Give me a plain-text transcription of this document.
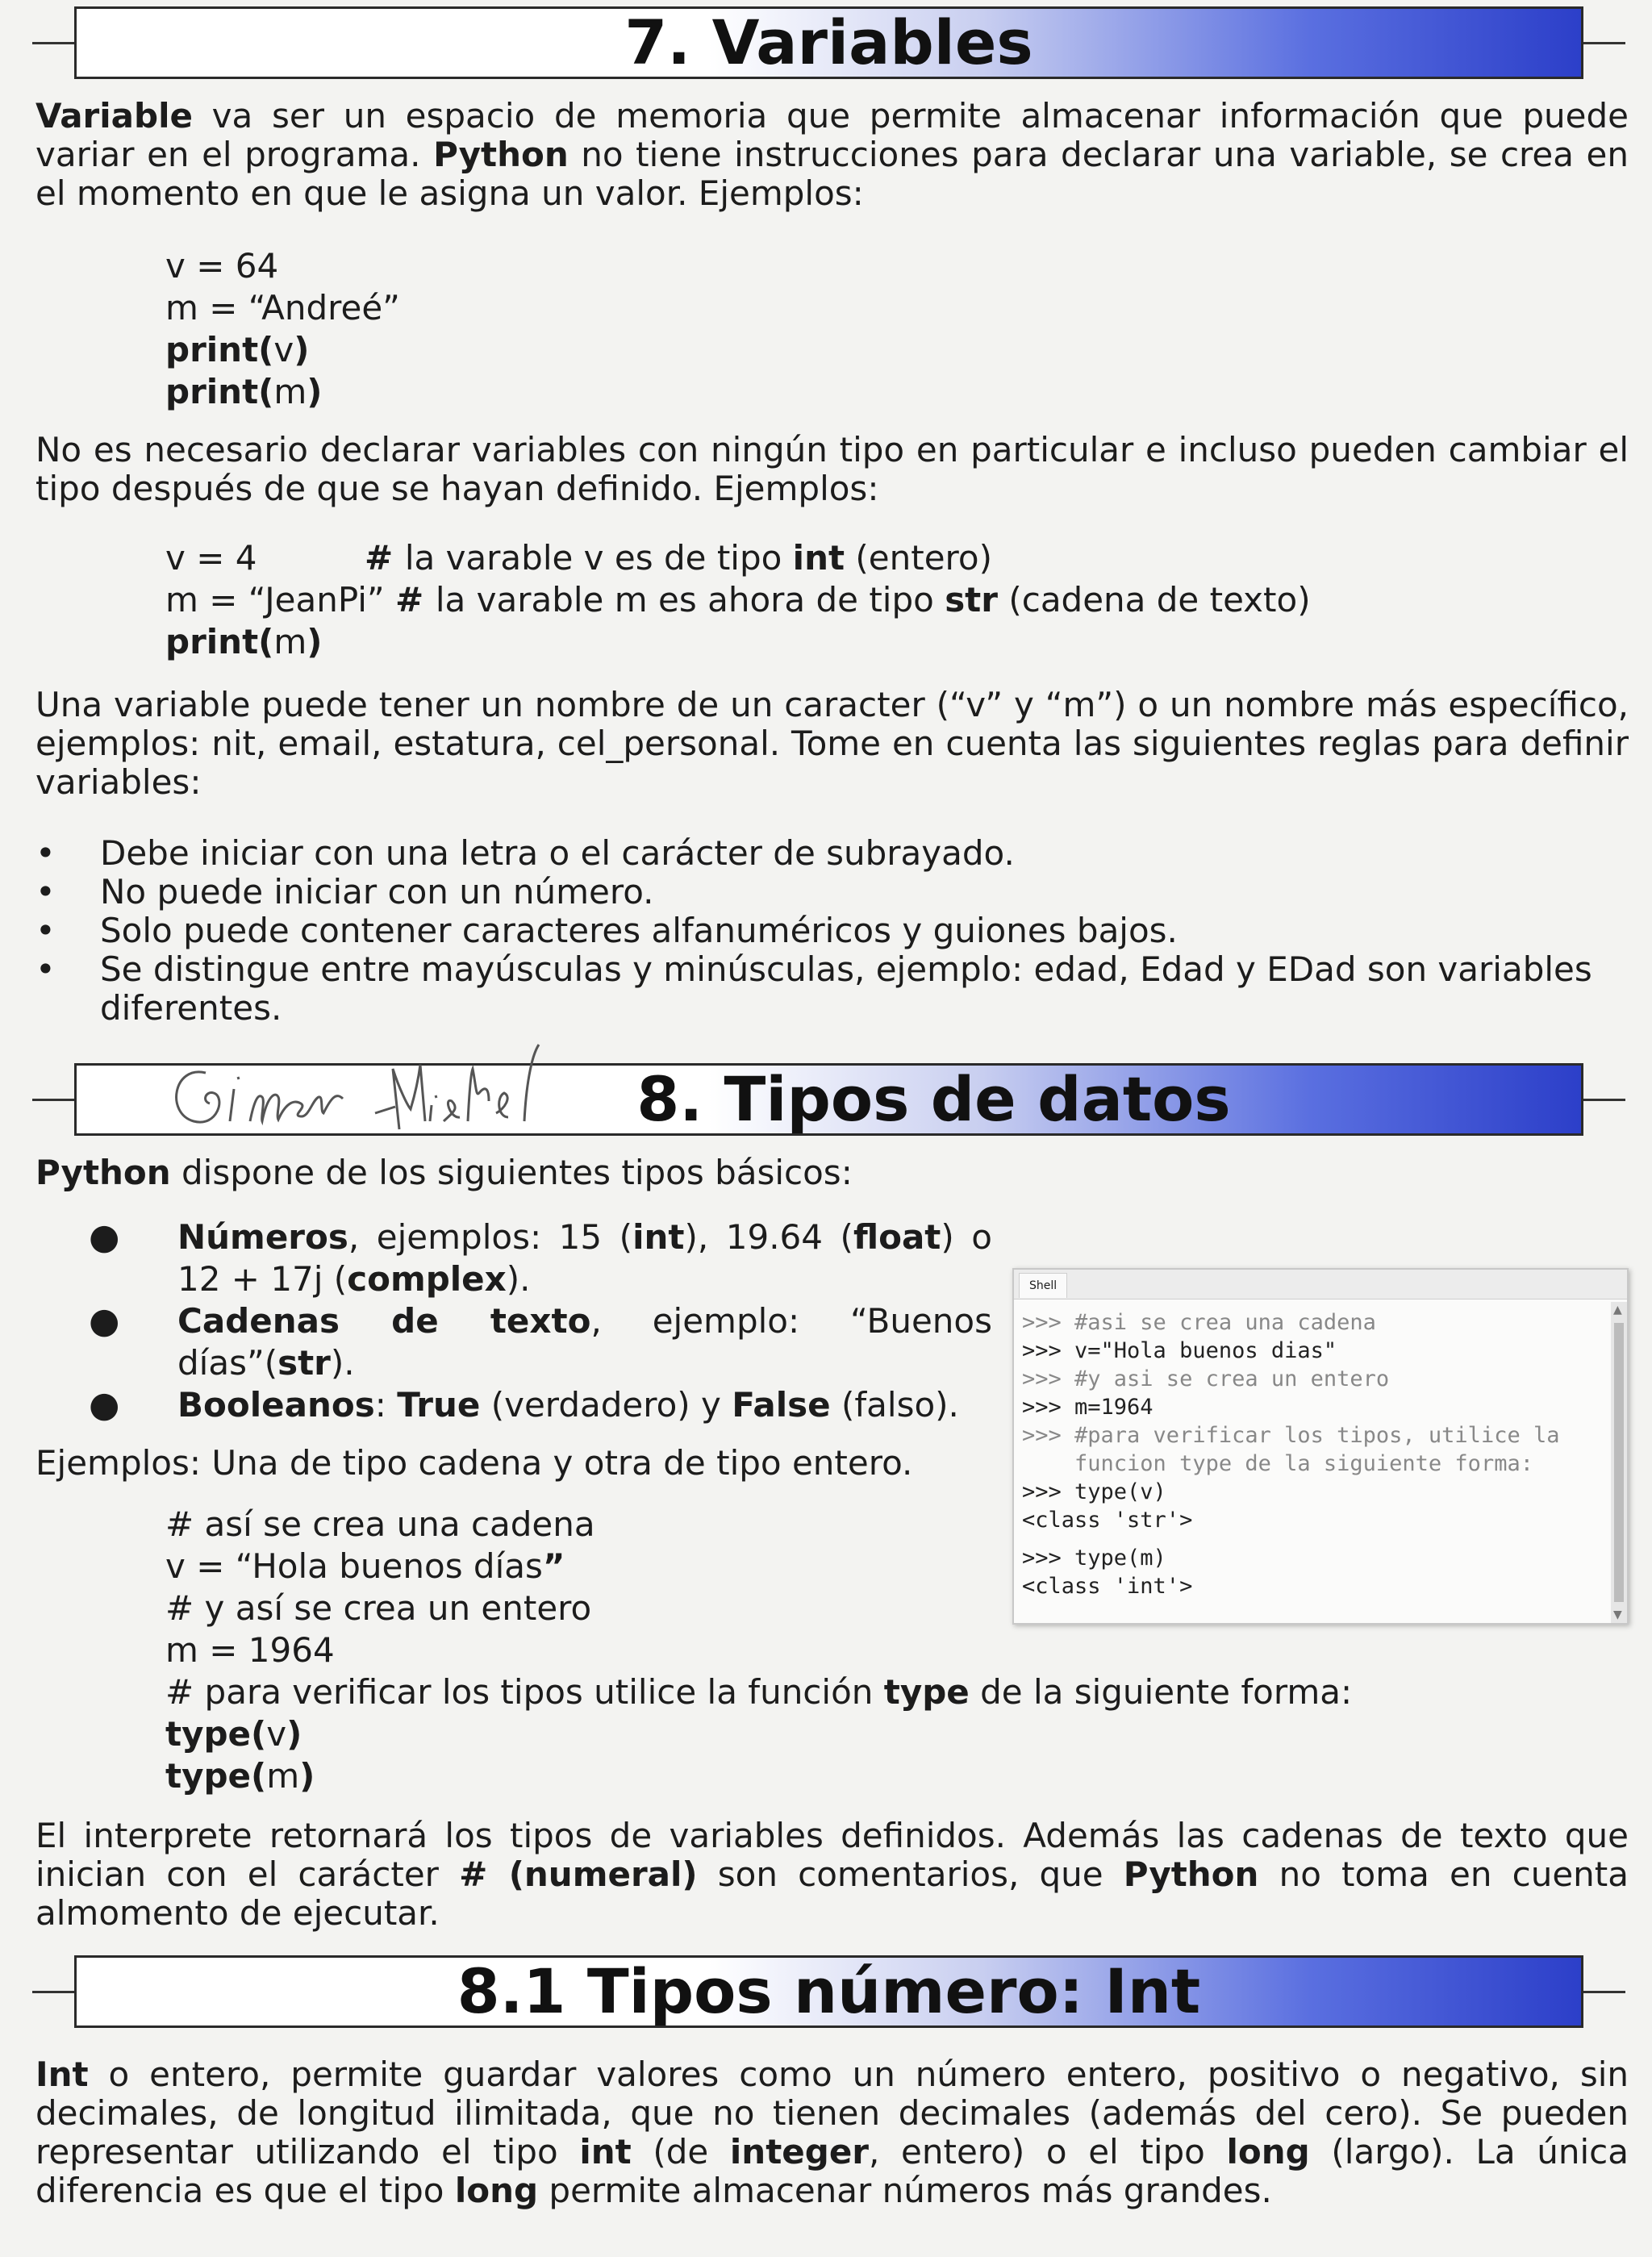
7. Variables

Variable va ser un espacio de memoria que permite almacenar información que puede variar en el programa. Python no tiene instrucciones para declarar una variable, se crea en el momento en que le asigna un valor. Ejemplos:

v = 64
m = “Andreé”
print(v)
print(m)

No es necesario declarar variables con ningún tipo en particular e incluso pueden cambiar el tipo después de que se hayan definido. Ejemplos:

v = 4          # la varable v es de tipo int (entero)
m = “JeanPi” # la varable m es ahora de tipo str (cadena de texto)
print(m)

Una variable puede tener un nombre de un caracter (“v” y “m”) o un nombre más específico, ejemplos: nit, email, estatura, cel_personal. Tome en cuenta las siguientes reglas para definir variables:

• Debe iniciar con una letra o el carácter de subrayado.
• No puede iniciar con un número.
• Solo puede contener caracteres alfanuméricos y guiones bajos.
• Se distingue entre mayúsculas y minúsculas, ejemplo: edad, Edad y EDad son variables diferentes.
8. Tipos de datos

Python dispone de los siguientes tipos básicos:

● Números, ejemplos: 15 (int), 19.64 (float) o 12 + 17j (complex).
● Cadenas de texto, ejemplo: “Buenos días”(str).
● Booleanos: True (verdadero) y False (falso).

Ejemplos: Una de tipo cadena y otra de tipo entero.

# así se crea una cadena
v = “Hola buenos días”
# y así se crea un entero
m = 1964
# para verificar los tipos utilice la función type de la siguiente forma:
type(v)
type(m)
Shell
>>> #asi se crea una cadena
>>> v="Hola buenos dias"
>>> #y asi se crea un entero
>>> m=1964
>>> #para verificar los tipos, utilice la
funcion type de la siguiente forma:
>>> type(v)
<class 'str'>
>>> type(m)
<class 'int'>
▲
▼

El interprete retornará los tipos de variables definidos. Además las cadenas de texto que inician con el carácter # (numeral) son comentarios, que Python no toma en cuenta almomento de ejecutar.

8.1 Tipos número: Int

Int o entero, permite guardar valores como un número entero, positivo o negativo, sin decimales, de longitud ilimitada, que no tienen decimales (además del cero). Se pueden representar utilizando el tipo int (de integer, entero) o el tipo long (largo). La única diferencia es que el tipo long permite almacenar números más grandes.
